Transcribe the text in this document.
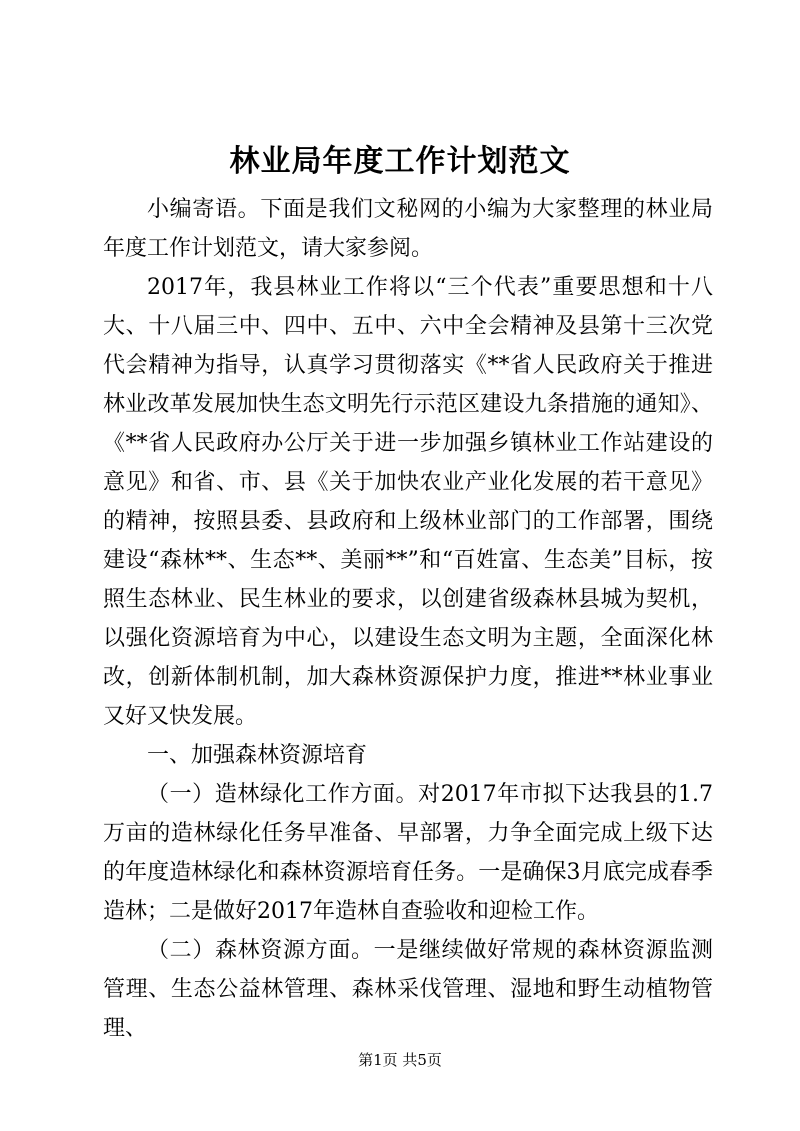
林业局年度工作计划范文

小编寄语。下面是我们文秘网的小编为大家整理的林业局年度工作计划范文，请大家参阅。

2017年，我县林业工作将以“三个代表”重要思想和十八大、十八届三中、四中、五中、六中全会精神及县第十三次党代会精神为指导，认真学习贯彻落实《**省人民政府关于推进林业改革发展加快生态文明先行示范区建设九条措施的通知》、《**省人民政府办公厅关于进一步加强乡镇林业工作站建设的意见》和省、市、县《关于加快农业产业化发展的若干意见》的精神，按照县委、县政府和上级林业部门的工作部署，围绕建设“森林**、生态**、美丽**”和“百姓富、生态美”目标，按照生态林业、民生林业的要求，以创建省级森林县城为契机，以强化资源培育为中心，以建设生态文明为主题，全面深化林改，创新体制机制，加大森林资源保护力度，推进**林业事业又好又快发展。

一、加强森林资源培育

（一）造林绿化工作方面。对2017年市拟下达我县的1.7万亩的造林绿化任务早准备、早部署，力争全面完成上级下达的年度造林绿化和森林资源培育任务。一是确保3月底完成春季造林；二是做好2017年造林自查验收和迎检工作。

（二）森林资源方面。一是继续做好常规的森林资源监测管理、生态公益林管理、森林采伐管理、湿地和野生动植物管理、

第1页 共5页
